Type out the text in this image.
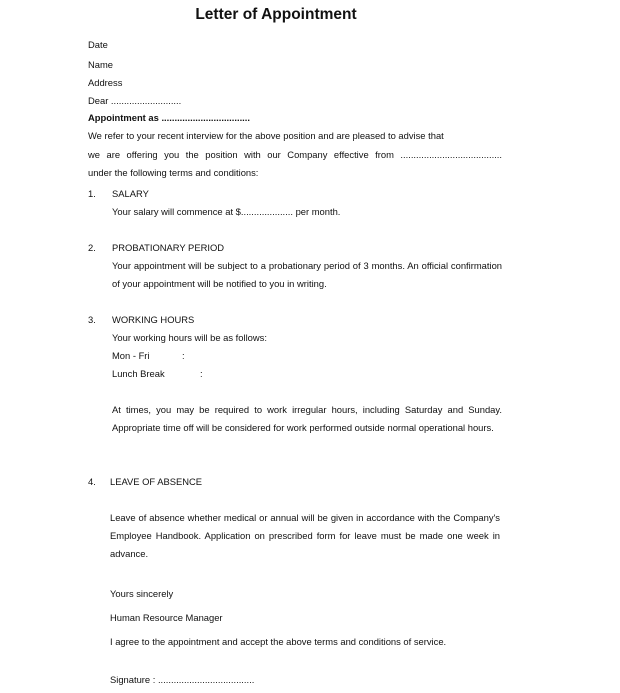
Letter of Appointment
Date
Name
Address
Dear ...........................
Appointment as ..................................
We refer to your recent interview for the above position and are pleased to advise that
we are offering you the position with our Company effective from .......................................
under the following terms and conditions:
1. SALARY
Your salary will commence at $.................... per month.
2. PROBATIONARY PERIOD
Your appointment will be subject to a probationary period of 3 months. An official confirmation of your appointment will be notified to you in writing.
3. WORKING HOURS
Your working hours will be as follows:
Mon - Fri	:
Lunch Break	:
At times, you may be required to work irregular hours, including Saturday and Sunday. Appropriate time off will be considered for work performed outside normal operational hours.
4. LEAVE OF ABSENCE
Leave of absence whether medical or annual will be given in accordance with the Company's Employee Handbook. Application on prescribed form for leave must be made one week in advance.
Yours sincerely
Human Resource Manager
I agree to the appointment and accept the above terms and conditions of service.
Signature : .....................................
